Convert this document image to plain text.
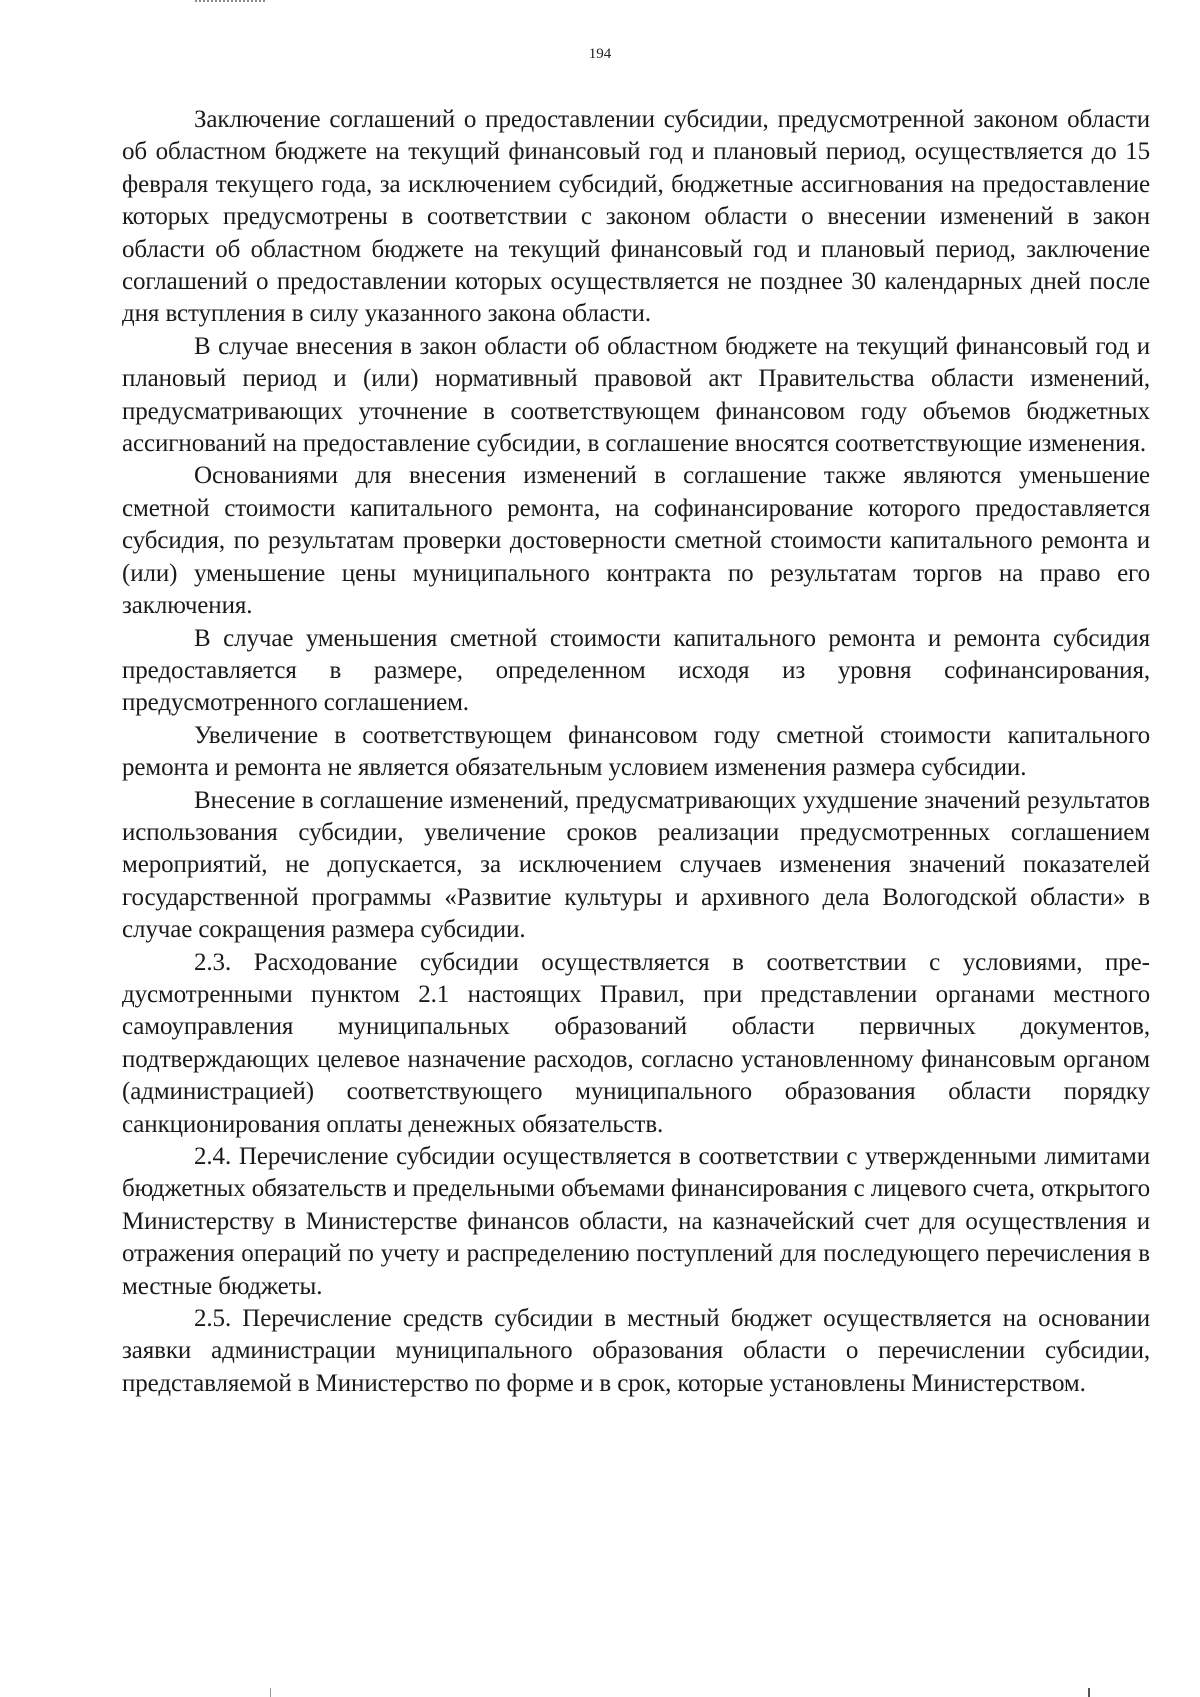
194

Заключение соглашений о предоставлении субсидии, предусмотренной законом области об областном бюджете на текущий финансовый год и плановый период, осуществляется до 15 февраля текущего года, за исключением субсидий, бюджетные ассигнования на предоставление которых предусмотрены в соответствии с законом области о внесении изменений в закон области об областном бюджете на текущий финансовый год и плановый период, заключение соглашений о предоставлении которых осуществляется не позднее 30 календарных дней после дня вступления в силу указанного закона области.

В случае внесения в закон области об областном бюджете на текущий финансовый год и плановый период и (или) нормативный правовой акт Правительства области изменений, предусматривающих уточнение в соответствующем финансовом году объемов бюджетных ассигнований на предоставление субсидии, в соглашение вносятся соответствующие изменения.

Основаниями для внесения изменений в соглашение также являются уменьшение сметной стоимости капитального ремонта, на софинансирование которого предоставляется субсидия, по результатам проверки достоверности сметной стоимости капитального ремонта и (или) уменьшение цены муниципального контракта по результатам торгов на право его заключения.

В случае уменьшения сметной стоимости капитального ремонта и ремонта субсидия предоставляется в размере, определенном исходя из уровня софинансирования, предусмотренного соглашением.

Увеличение в соответствующем финансовом году сметной стоимости капитального ремонта и ремонта не является обязательным условием изменения размера субсидии.

Внесение в соглашение изменений, предусматривающих ухудшение значений результатов использования субсидии, увеличение сроков реализации предусмотренных соглашением мероприятий, не допускается, за исключением случаев изменения значений показателей государственной программы «Развитие культуры и архивного дела Вологодской области» в случае сокращения размера субсидии.

2.3. Расходование субсидии осуществляется в соответствии с условиями, предусмотренными пунктом 2.1 настоящих Правил, при представлении органами местного самоуправления муниципальных образований области первичных документов, подтверждающих целевое назначение расходов, согласно установленному финансовым органом (администрацией) соответствующего муниципального образования области порядку санкционирования оплаты денежных обязательств.

2.4. Перечисление субсидии осуществляется в соответствии с утвержденными лимитами бюджетных обязательств и предельными объемами финансирования с лицевого счета, открытого Министерству в Министерстве финансов области, на казначейский счет для осуществления и отражения операций по учету и распределению поступлений для последующего перечисления в местные бюджеты.

2.5. Перечисление средств субсидии в местный бюджет осуществляется на основании заявки администрации муниципального образования области о перечислении субсидии, представляемой в Министерство по форме и в срок, которые установлены Министерством.
